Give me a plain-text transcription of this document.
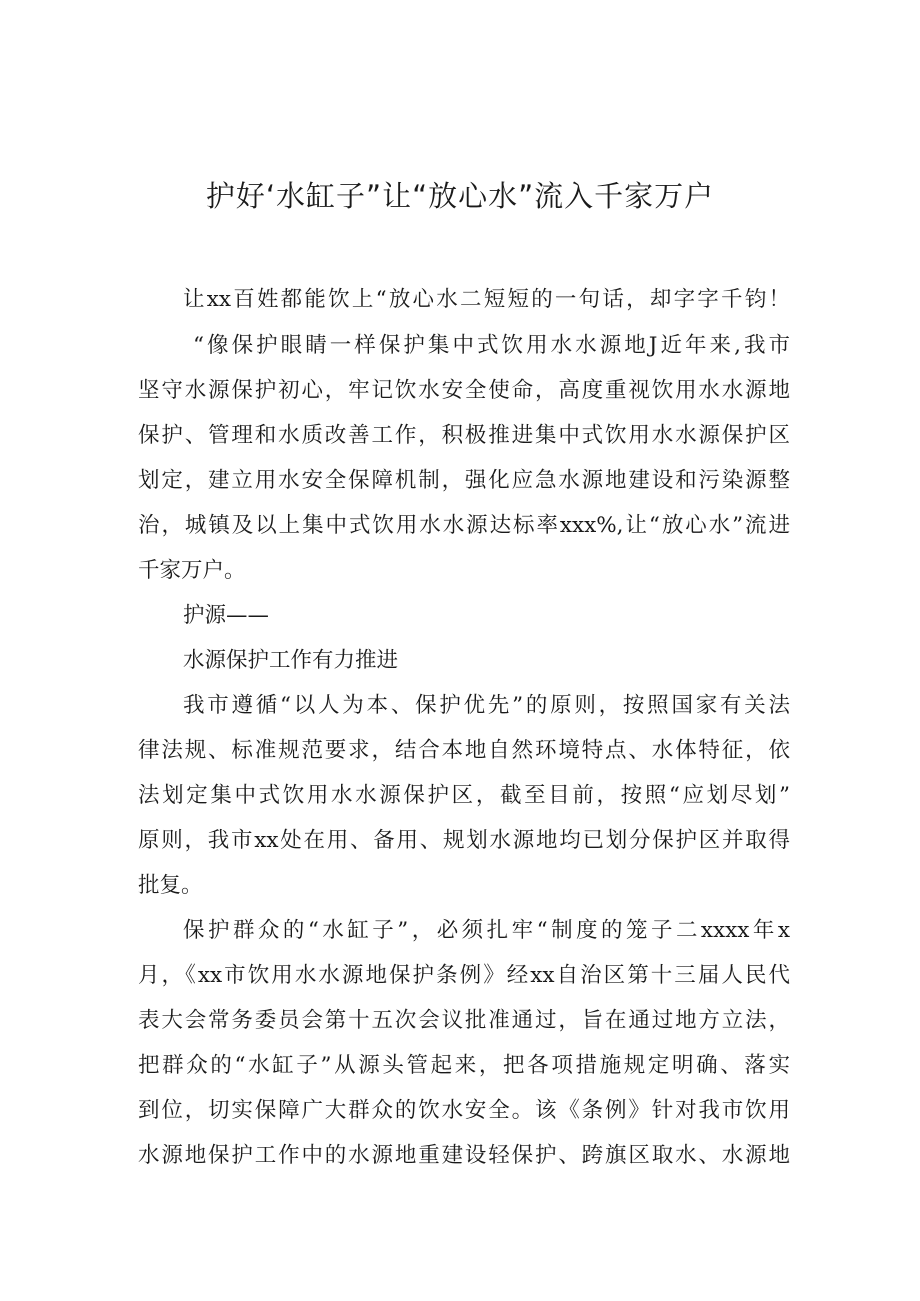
护好‘水缸子”让“放心水”流入千家万户
让xx百姓都能饮上“放心水二短短的一句话，却字字千钧！
“像保护眼睛一样保护集中式饮用水水源地J近年来,我市
坚守水源保护初心，牢记饮水安全使命，高度重视饮用水水源地
保护、管理和水质改善工作，积极推进集中式饮用水水源保护区
划定，建立用水安全保障机制，强化应急水源地建设和污染源整
治，城镇及以上集中式饮用水水源达标率xxx%,让“放心水”流进
千家万户。
护源——
水源保护工作有力推进
我市遵循“以人为本、保护优先”的原则，按照国家有关法
律法规、标准规范要求，结合本地自然环境特点、水体特征，依
法划定集中式饮用水水源保护区，截至目前，按照“应划尽划”
原则，我市xx处在用、备用、规划水源地均已划分保护区并取得
批复。
保护群众的“水缸子”，必须扎牢“制度的笼子二xxxx年x
月，《xx市饮用水水源地保护条例》经xx自治区第十三届人民代
表大会常务委员会第十五次会议批准通过，旨在通过地方立法，
把群众的“水缸子”从源头管起来，把各项措施规定明确、落实
到位，切实保障广大群众的饮水安全。该《条例》针对我市饮用
水源地保护工作中的水源地重建设轻保护、跨旗区取水、水源地
